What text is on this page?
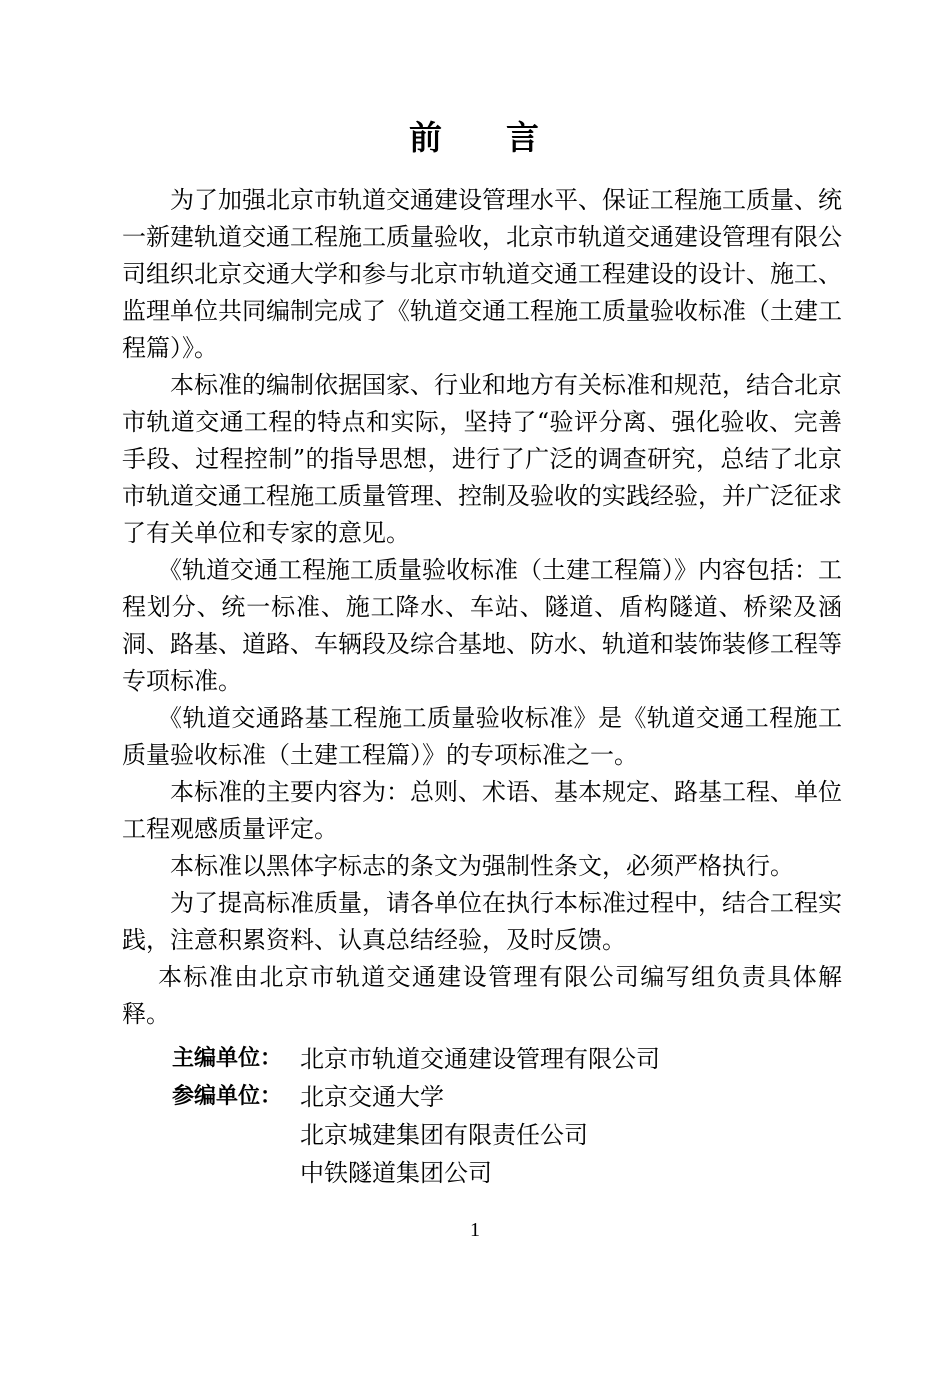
前 言

为了加强北京市轨道交通建设管理水平、保证工程施工质量、统一新建轨道交通工程施工质量验收，北京市轨道交通建设管理有限公司组织北京交通大学和参与北京市轨道交通工程建设的设计、施工、监理单位共同编制完成了《轨道交通工程施工质量验收标准（土建工程篇）》。

本标准的编制依据国家、行业和地方有关标准和规范，结合北京市轨道交通工程的特点和实际，坚持了“验评分离、强化验收、完善手段、过程控制”的指导思想，进行了广泛的调查研究，总结了北京市轨道交通工程施工质量管理、控制及验收的实践经验，并广泛征求了有关单位和专家的意见。

《轨道交通工程施工质量验收标准（土建工程篇）》内容包括：工程划分、统一标准、施工降水、车站、隧道、盾构隧道、桥梁及涵洞、路基、道路、车辆段及综合基地、防水、轨道和装饰装修工程等专项标准。

《轨道交通路基工程施工质量验收标准》是《轨道交通工程施工质量验收标准（土建工程篇）》的专项标准之一。

本标准的主要内容为：总则、术语、基本规定、路基工程、单位工程观感质量评定。

本标准以黑体字标志的条文为强制性条文，必须严格执行。

为了提高标准质量，请各单位在执行本标准过程中，结合工程实践，注意积累资料、认真总结经验，及时反馈。

本标准由北京市轨道交通建设管理有限公司编写组负责具体解释。

主编单位： 北京市轨道交通建设管理有限公司
参编单位： 北京交通大学
北京城建集团有限责任公司
中铁隧道集团公司
1
